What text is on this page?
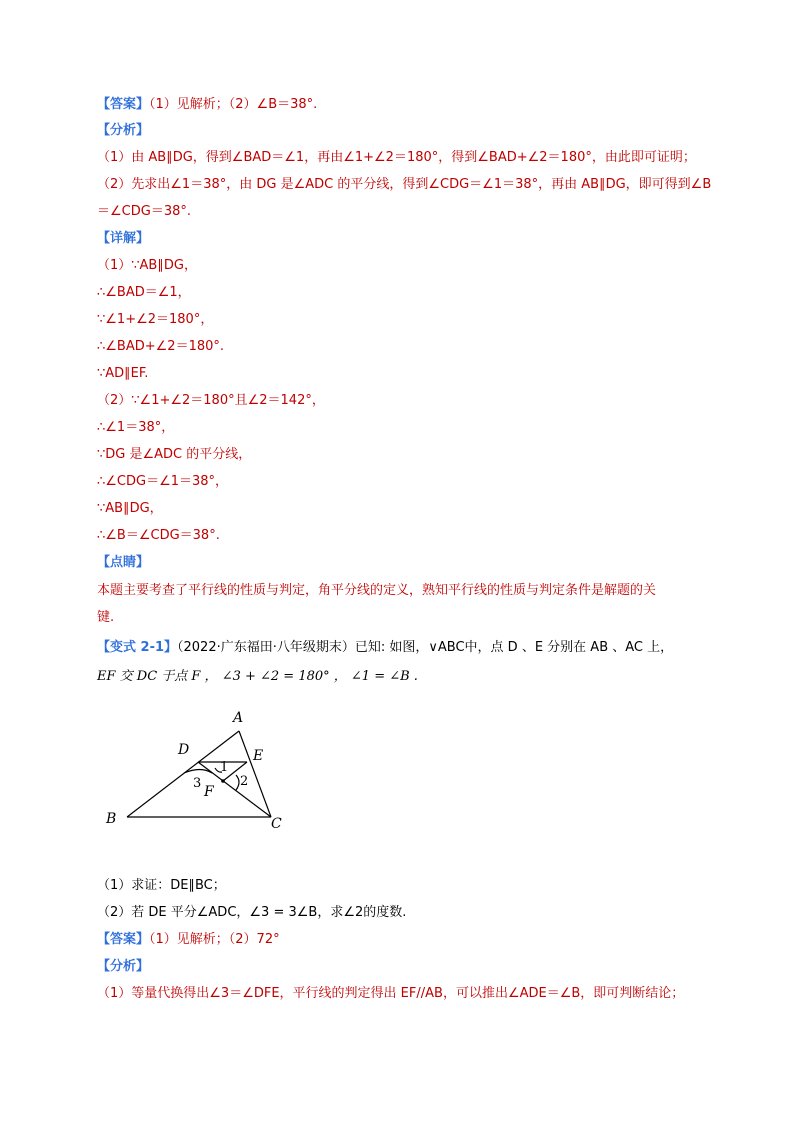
【答案】（1）见解析；（2）∠B＝38°.
【分析】
（1）由 AB∥DG，得到∠BAD＝∠1，再由∠1+∠2＝180°，得到∠BAD+∠2＝180°，由此即可证明；
（2）先求出∠1＝38°，由 DG 是∠ADC 的平分线，得到∠CDG＝∠1＝38°，再由 AB∥DG，即可得到∠B
＝∠CDG＝38°.
【详解】
（1）∵AB∥DG，
∴∠BAD＝∠1，
∵∠1+∠2＝180°，
∴∠BAD+∠2＝180°.
∵AD∥EF.
（2）∵∠1+∠2＝180°且∠2＝142°，
∴∠1＝38°，
∵DG 是∠ADC 的平分线，
∴∠CDG＝∠1＝38°，
∵AB∥DG，
∴∠B＝∠CDG＝38°.
【点睛】
本题主要考查了平行线的性质与判定，角平分线的定义，熟知平行线的性质与判定条件是解题的关
键.
【变式 2-1】（2022·广东福田·八年级期末）已知: 如图，∨ABC中，点 D 、E 分别在 AB 、AC 上，
EF 交 DC 于点 F ， ∠3 + ∠2 = 180° ， ∠1 = ∠B .
A
B	C
D	E
F
1
2
3
（1）求证：DE∥BC；
（2）若 DE 平分∠ADC，∠3 = 3∠B，求∠2的度数.
【答案】（1）见解析；（2）72°
【分析】
（1）等量代换得出∠3＝∠DFE，平行线的判定得出 EF//AB，可以推出∠ADE＝∠B，即可判断结论；
